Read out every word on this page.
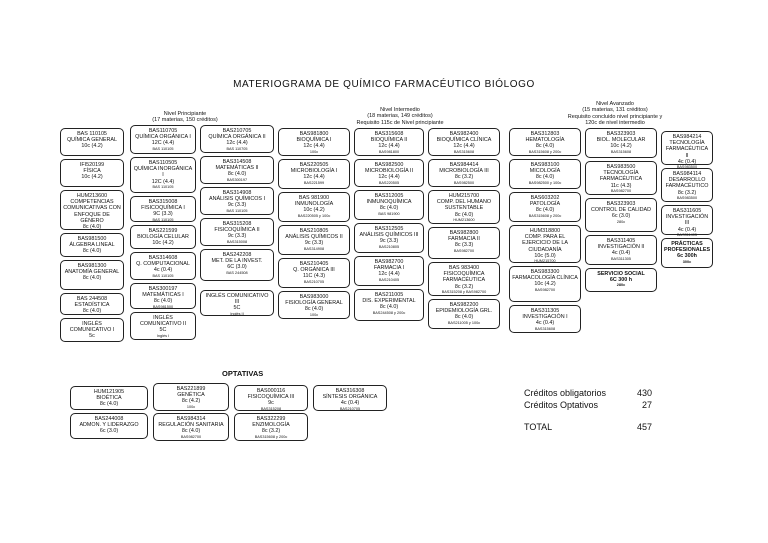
MATERIOGRAMA DE QUÍMICO FARMACÉUTICO BIÓLOGO
Nivel Principiante
(17 materias, 150 créditos)
Nivel Intermedio
(18 materias, 149 créditos)
Requisito 115c de Nivel principiante
Nivel Avanzado
(15 materias, 131 créditos)
Requisito concluido nivel principiante y
120c de nivel intermedio
BAS 110105
QUÍMICA GENERAL
10c (4.2)
IFI520199
FÍSICA
10c (4.2)
HUM213600
COMPETENCIAS COMUNICATIVAS CON ENFOQUE DE GÉNERO
8c (4.0)
BAS981500
ÁLGEBRA LINEAL
8c (4.0)
BAS981300
ANATOMÍA GENERAL
8c (4.0)
BAS 244508
ESTADÍSTICA
8c (4.0)
INGLÉS COMUNICATIVO I
5c
BAS110705
QUÍMICA ORGÁNICA I
12C (4.4)
BAS 110105
BAS110505
QUÍMICA INORGÁNICA I
12C (4.4)
BAS 110105
BAS315008
FISICOQUÍMICA I
9C (3.3)
BAS 110105
BAS221599
BIOLOGÍA CELULAR
10c (4.2)
BAS314608
Q. COMPUTACIONAL
4c (0.4)
BAS 110105
BAS300197
MATEMÁTICAS I
8c (4.0)
BAS981500
INGLÉS COMUNICATIVO II
5C
Inglés I
BAS210705
QUÍMICA ORGÁNICA II
12c (4.4)
BAS 110705
BAS314508
MATEMÁTICAS II
8c (4.0)
BAS300197
BAS314908
ANÁLISIS QUÍMICOS I
9c (3.3)
BAS 110105
BAS315208
FISICOQUÍMICA II
9c (3.3)
BAS315008
BAS242208
MET. DE LA INVEST.
6C (3.0)
BAS 244508
INGLÉS COMUNICATIVO III
5C
Inglés II
BAS981800
BIOQUÍMICA I
12c (4.4)
100c
BAS220505
MICROBIOLOGÍA I
12c (4.4)
BAS221599
BAS 981900
INMUNOLOGÍA
10c (4.2)
BAS220505 y 100c
BAS210805
ANÁLISIS QUÍMICOS II
9c (3.3)
BAS314908
BAS210405
Q. ORGÁNICA III
11C (4.3)
BAS210705
BAS983000
FISIOLOGÍA GENERAL
8c (4.0)
100c
BAS315608
BIOQUÍMICA II
12c (4.4)
BAS981800
BAS982500
MICROBIOLOGÍA II
12c (4.4)
BAS220505
BAS312005
INMUNOQUÍMICA
8c (4.0)
BAS 981900
BAS312505
ANÁLISIS QUÍMICOS III
9c (3.3)
BAS210805
BAS982700
FARMACIA I
12c (4.4)
BAS210405
BAS211005
DIS. EXPERIMENTAL
8c (4.0)
BAS244508 y 200c
BAS982400
BIOQUÍMICA CLÍNICA
12c (4.4)
BAS315608
BAS984414
MICROBIOLOGÍA III
8c (3.2)
BAS982500
HUM215700
COMP. DEL HUMANO SUSTENTABLE
8c (4.0)
HUM213600
BAS982800
FARMACIA II
8c (3.3)
BAS982700
BAS 983400
FISICOQUÍMICA FARMACÉUTICA
8c (3.2)
BAS315208 y BAS982700
BAS982200
EPIDEMIOLOGÍA GRL.
8c (4.0)
BAS211005 y 100c
BAS312803
HEMATOLOGÍA
8c (4.0)
BAS315608 y 200c
BAS983100
MICOLOGÍA
8c (4.0)
BAS982500 y 100c
BAS603202
PATOLOGÍA
8c (4.0)
BAS315608 y 200c
HUM318800
COMP. PARA EL EJERCICIO DE LA CIUDADANÍA
10c (5.0)
HUM215700
BAS983300
FARMACOLOGÍA CLÍNICA
10c (4.2)
BAS982700
BAS311305
INVESTIGACIÓN I
4c (0.4)
BAS315608
BAS323903
BIOL. MOLECULAR
10c (4.2)
BAS315608
BAS983500
TECNOLOGÍA FARMACÉUTICA
11c (4.3)
BAS982700
BAS323903
CONTROL DE CALIDAD
6c (3.0)
280c
BAS311405
INVESTIGACIÓN II
4c (0.4)
BAS311305
SERVICIO SOCIAL
6C 300 h
280c
BAS984214
TECNOLOGÍA FARMACÉUTICA II
4c (0.4)
BAS984114
DESARROLLO FARMACÉUTICO
8c (3.2)
BAS983500
BAS311605
INVESTIGACIÓN III
4c (0.4)
BAS311405
PRÁCTICAS PROFESIONALES
6c 300h
300c
OPTATIVAS
HUM121905
BIOÉTICA
8c (4.0)
BAS221899
GENÉTICA
8c (4.2)
100c
BAS000116
FISICOQUÍMICA III
9c
BAS315208
BAS316308
SÍNTESIS ORGÁNICA
4c (0.4)
BAS210705
BAS244008
ADMON. Y LIDERAZGO
6c (3.0)
BAS984314
REGULACIÓN SANITARIA
8c (4.0)
BAS982700
BAS322299
ENZIMOLOGÍA
8c (3.2)
BAS315608 y 200c
Créditos obligatorios	430
Créditos Optativos	27
TOTAL	457
